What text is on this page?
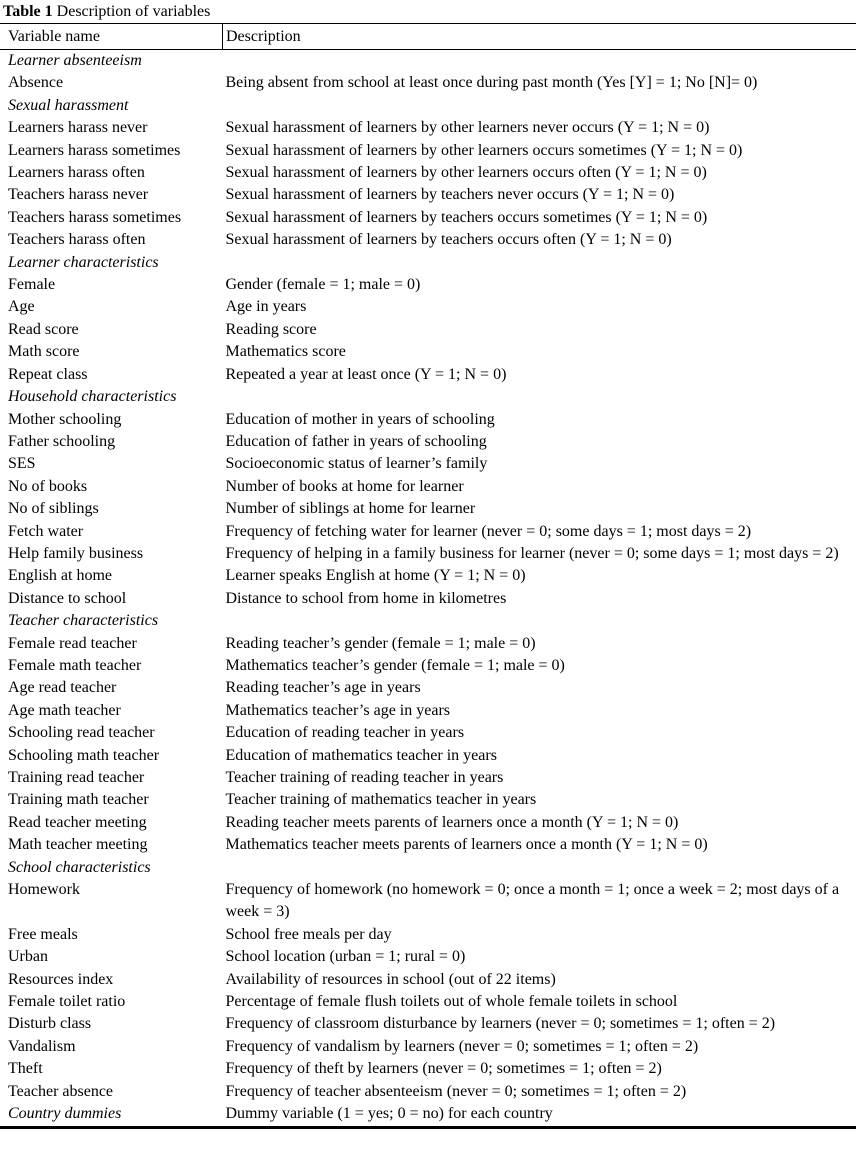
Table 1 Description of variables
Variable name	Description
Learner absenteeism	
Absence	Being absent from school at least once during past month (Yes [Y] = 1; No [N]= 0)
Sexual harassment	
Learners harass never	Sexual harassment of learners by other learners never occurs (Y = 1; N = 0)
Learners harass sometimes	Sexual harassment of learners by other learners occurs sometimes (Y = 1; N = 0)
Learners harass often	Sexual harassment of learners by other learners occurs often (Y = 1; N = 0)
Teachers harass never	Sexual harassment of learners by teachers never occurs (Y = 1; N = 0)
Teachers harass sometimes	Sexual harassment of learners by teachers occurs sometimes (Y = 1; N = 0)
Teachers harass often	Sexual harassment of learners by teachers occurs often (Y = 1; N = 0)
Learner characteristics	
Female	Gender (female = 1; male = 0)
Age	Age in years
Read score	Reading score
Math score	Mathematics score
Repeat class	Repeated a year at least once (Y = 1; N = 0)
Household characteristics	
Mother schooling	Education of mother in years of schooling
Father schooling	Education of father in years of schooling
SES	Socioeconomic status of learner’s family
No of books	Number of books at home for learner
No of siblings	Number of siblings at home for learner
Fetch water	Frequency of fetching water for learner (never = 0; some days = 1; most days = 2)
Help family business	Frequency of helping in a family business for learner (never = 0; some days = 1; most days = 2)
English at home	Learner speaks English at home (Y = 1; N = 0)
Distance to school	Distance to school from home in kilometres
Teacher characteristics	
Female read teacher	Reading teacher’s gender (female = 1; male = 0)
Female math teacher	Mathematics teacher’s gender (female = 1; male = 0)
Age read teacher	Reading teacher’s age in years
Age math teacher	Mathematics teacher’s age in years
Schooling read teacher	Education of reading teacher in years
Schooling math teacher	Education of mathematics teacher in years
Training read teacher	Teacher training of reading teacher in years
Training math teacher	Teacher training of mathematics teacher in years
Read teacher meeting	Reading teacher meets parents of learners once a month (Y = 1; N = 0)
Math teacher meeting	Mathematics teacher meets parents of learners once a month (Y = 1; N = 0)
School characteristics	
Homework	Frequency of homework (no homework = 0; once a month = 1; once a week = 2; most days of a week = 3)
Free meals	School free meals per day
Urban	School location (urban = 1; rural = 0)
Resources index	Availability of resources in school (out of 22 items)
Female toilet ratio	Percentage of female flush toilets out of whole female toilets in school
Disturb class	Frequency of classroom disturbance by learners (never = 0; sometimes = 1; often = 2)
Vandalism	Frequency of vandalism by learners (never = 0; sometimes = 1; often = 2)
Theft	Frequency of theft by learners (never = 0; sometimes = 1; often = 2)
Teacher absence	Frequency of teacher absenteeism (never = 0; sometimes = 1; often = 2)
Country dummies	Dummy variable (1 = yes; 0 = no) for each country
